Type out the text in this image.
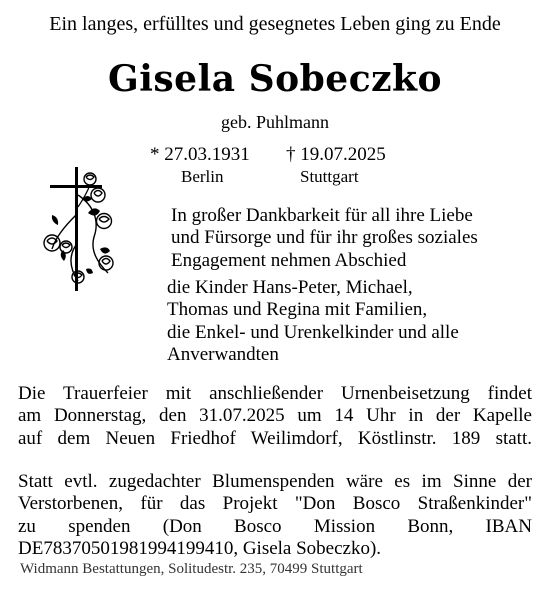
Ein langes, erfülltes und gesegnetes Leben ging zu Ende
Gisela Sobeczko
geb. Puhlmann
* 27.03.1931
Berlin
† 19.07.2025
Stuttgart
In großer Dankbarkeit für all ihre Liebe
und Fürsorge und für ihr großes soziales
Engagement nehmen Abschied
die Kinder Hans-Peter, Michael,
Thomas und Regina mit Familien,
die Enkel- und Urenkelkinder und alle
Anverwandten
Die Trauerfeier mit anschließender Urnenbeisetzung findet
am Donnerstag, den 31.07.2025 um 14 Uhr in der Kapelle
auf dem Neuen Friedhof Weilimdorf, Köstlinstr. 189 statt.
Statt evtl. zugedachter Blumenspenden wäre es im Sinne der
Verstorbenen, für das Projekt "Don Bosco Straßenkinder"
zu spenden (Don Bosco Mission Bonn, IBAN
DE78370501981994199410, Gisela Sobeczko).
Widmann Bestattungen, Solitudestr. 235, 70499 Stuttgart
